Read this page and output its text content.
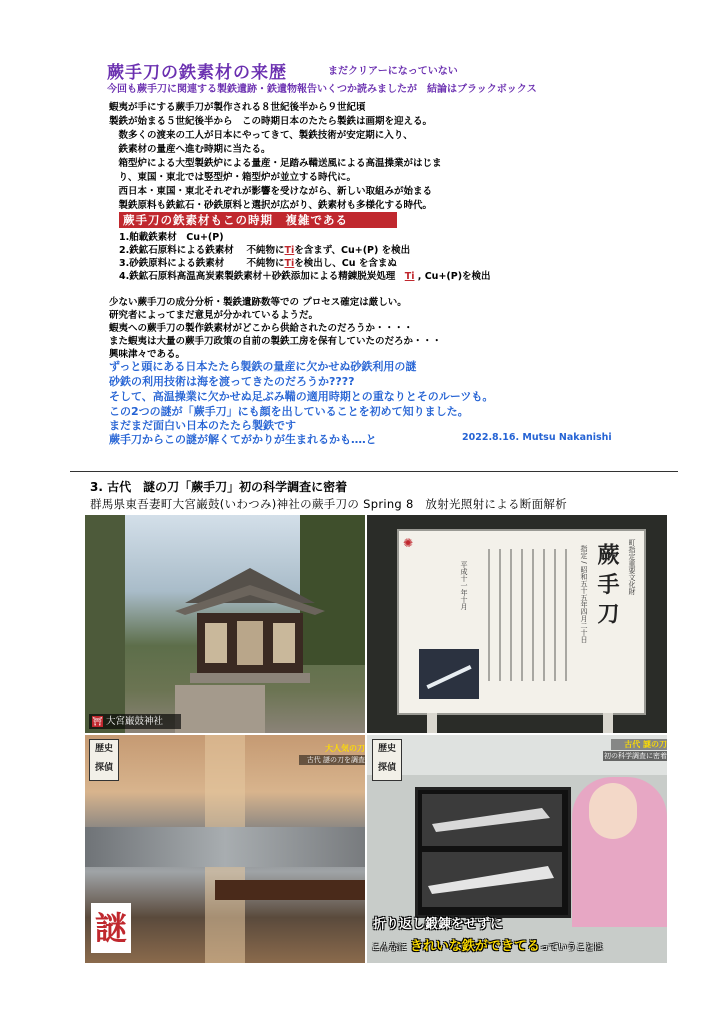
蕨手刀の鉄素材の来歴	まだクリアーになっていない
今回も蕨手刀に関連する製鉄遺跡・鉄遺物報告いくつか読みましたが　結論はブラックボックス
蝦夷が手にする蕨手刀が製作される８世紀後半から９世紀頃
製鉄が始まる５世紀後半から　この時期日本のたたら製鉄は画期を迎える。
　数多くの渡来の工人が日本にやってきて、製鉄技術が安定期に入り、
　鉄素材の量産へ進む時期に当たる。
　箱型炉による大型製鉄炉による量産・足踏み鞴送風による高温操業がはじま
　り、東国・東北では竪型炉・箱型炉が並立する時代に。
　西日本・東国・東北それぞれが影響を受けながら、新しい取組みが始まる
　製鉄原料も鉄鉱石・砂鉄原料と選択が広がり、鉄素材も多様化する時代。
蕨手刀の鉄素材もこの時期　複雑である
1.舶載鉄素材　Cu+(P)
2.鉄鉱石原料による鉄素材　 不純物にTiを含まず、Cu+(P) を検出
3.砂鉄原料による鉄素材　　 不純物にTiを検出し、Cu を含まぬ
4.鉄鉱石原料高温高炭素製鉄素材＋砂鉄添加による精錬脱炭処理　Ti , Cu+(P)を検出
少ない蕨手刀の成分分析・製鉄遺跡数等での プロセス確定は厳しい。
研究者によってまだ意見が分かれているようだ。
蝦夷への蕨手刀の製作鉄素材がどこから供給されたのだろうか・・・・
また蝦夷は大量の蕨手刀政策の自前の製鉄工房を保有していたのだろか・・・
興味津々である。
ずっと頭にある日本たたら製鉄の量産に欠かせぬ砂鉄利用の謎
砂鉄の利用技術は海を渡ってきたのだろうか????
そして、高温操業に欠かせぬ足ぶみ鞴の適用時期との重なりとそのルーツも。
この2つの謎が「蕨手刀」にも顔を出していることを初めて知りました。
まだまだ面白い日本のたたら製鉄です
蕨手刀からこの謎が解くてがかりが生まれるかも‥‥と	2022.8.16. Mutsu Nakanishi
3. 古代　謎の刀「蕨手刀」初の科学調査に密着
群馬県東吾妻町大宮巌鼓(いわつみ)神社の蕨手刀の Spring 8　放射光照射による断面解析
⛩ $^{大宮巌鼓神社}$
✺	町指定重要文化財
蕨 手 刀
指定 / 昭和五十五年四月二十日
平成十一年十月
歴史 探偵
大人気の刀
古代 謎の刀を調査
謎
歴史 探偵
古代 謎の刀
初の科学調査に密着
折り返し鍛錬をせずに
こんなに きれいな鉄ができてるっていうことは
